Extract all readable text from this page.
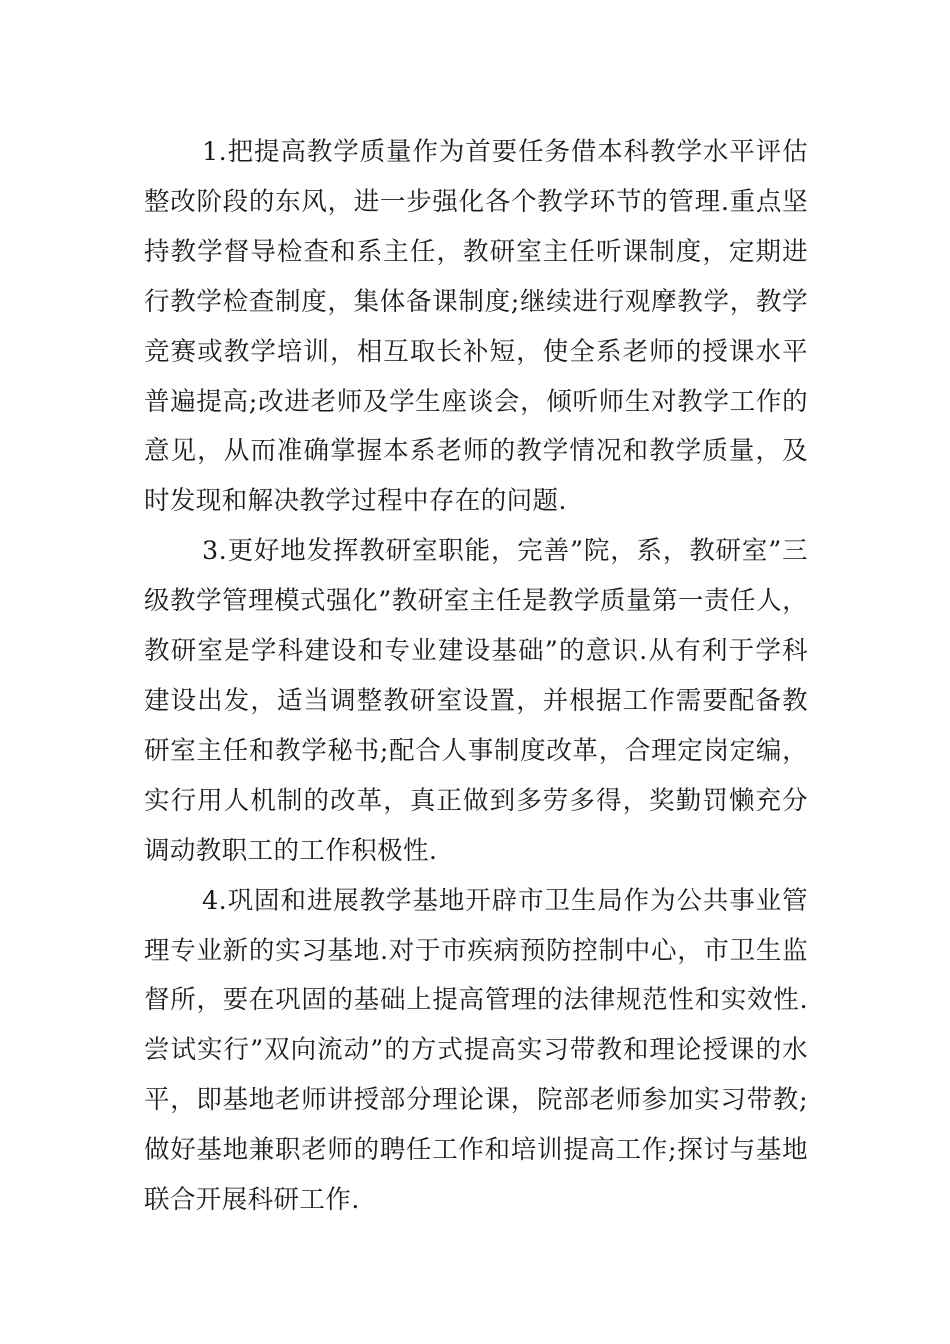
1.把提高教学质量作为首要任务借本科教学水平评估整改阶段的东风，进一步强化各个教学环节的管理.重点坚持教学督导检查和系主任，教研室主任听课制度，定期进行教学检查制度，集体备课制度;继续进行观摩教学，教学竞赛或教学培训，相互取长补短，使全系老师的授课水平普遍提高;改进老师及学生座谈会，倾听师生对教学工作的意见，从而准确掌握本系老师的教学情况和教学质量，及时发现和解决教学过程中存在的问题.

3.更好地发挥教研室职能，完善”院，系，教研室”三级教学管理模式强化”教研室主任是教学质量第一责任人，教研室是学科建设和专业建设基础”的意识.从有利于学科建设出发，适当调整教研室设置，并根据工作需要配备教研室主任和教学秘书;配合人事制度改革，合理定岗定编，实行用人机制的改革，真正做到多劳多得，奖勤罚懒充分调动教职工的工作积极性.

4.巩固和进展教学基地开辟市卫生局作为公共事业管理专业新的实习基地.对于市疾病预防控制中心，市卫生监督所，要在巩固的基础上提高管理的法律规范性和实效性.尝试实行”双向流动”的方式提高实习带教和理论授课的水平，即基地老师讲授部分理论课，院部老师参加实习带教;做好基地兼职老师的聘任工作和培训提高工作;探讨与基地联合开展科研工作.
